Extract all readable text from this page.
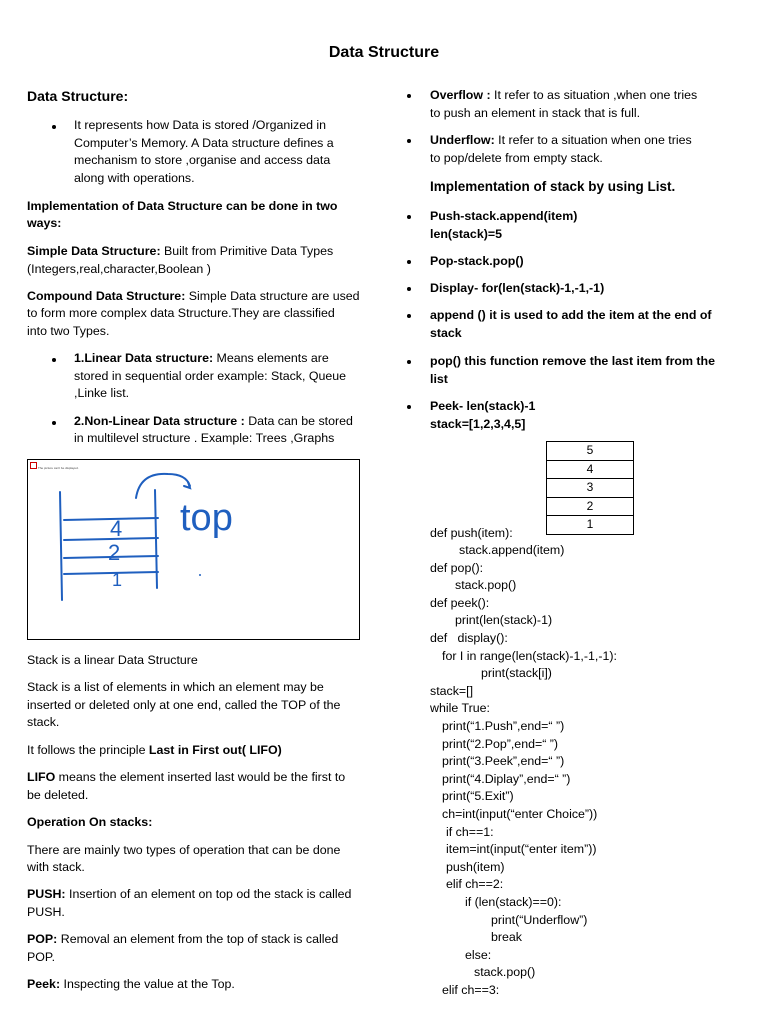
Data Structure
Data Structure:
It represents how Data is stored /Organized in
Computer’s Memory. A Data structure defines a
mechanism to store ,organise and access data
along with operations.
Implementation of Data Structure can be done in two
ways:
Simple Data Structure: Built from Primitive Data Types
(Integers,real,character,Boolean )
Compound Data Structure: Simple Data structure are used
to form more complex data Structure.They are classified
into two Types.
1.Linear Data structure: Means elements are
stored in sequential order example: Stack, Queue
,Linke list.
2.Non-Linear Data structure : Data can be stored
in multilevel structure . Example: Trees ,Graphs
The picture can't be displayed.
4
2
1
top
Stack is a linear Data Structure
Stack is a list of elements in which an element may be
inserted or deleted only at one end, called the TOP of the
stack.
It follows the principle Last in First out( LIFO)
LIFO means the element inserted last would be the first to
be deleted.
Operation On stacks:
There are mainly two types of operation that can be done
with stack.
PUSH: Insertion of an element on top od the stack is called
PUSH.
POP: Removal an element from the top of stack is called
POP.
Peek: Inspecting the value at the Top.
Overflow : It refer to as situation ,when one tries
to push an element in stack that is full.
Underflow: It refer to a situation when one tries
to pop/delete from empty stack.
Implementation of stack by using List.
Push-stack.append(item)
len(stack)=5
Pop-stack.pop()
Display- for(len(stack)-1,-1,-1)
append () it is used to add the item at the end of
stack
pop() this function remove the last item from the
list
Peek- len(stack)-1
stack=[1,2,3,4,5]
5
4
3
2
1
def push(item):
stack.append(item)
def pop():
stack.pop()
def peek():
print(len(stack)-1)
def   display():
for I in range(len(stack)-1,-1,-1):
print(stack[i])
stack=[]
while True:
print(“1.Push”,end=“ ”)
print(“2.Pop”,end=“ ”)
print(“3.Peek”,end=“ ”)
print(“4.Diplay”,end=“ ”)
print(“5.Exit”)
ch=int(input(“enter Choice”))
if ch==1:
item=int(input(“enter item”))
push(item)
elif ch==2:
if (len(stack)==0):
print(“Underflow”)
break
else:
stack.pop()
elif ch==3:
